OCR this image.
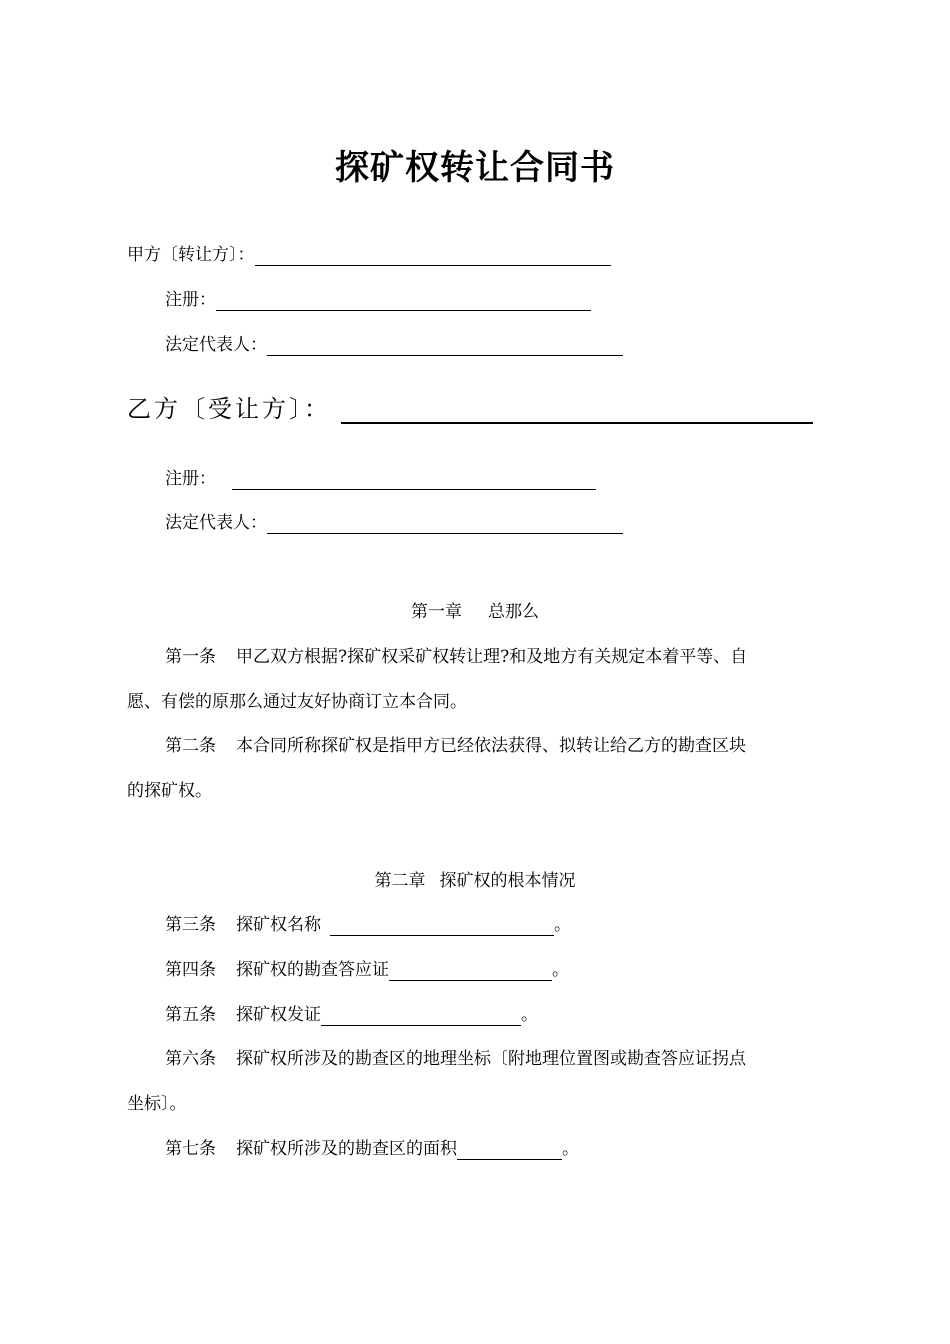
探矿权转让合同书
甲方〔转让方〕：
注册：
法定代表人：
乙方〔受让方〕：
注册：
法定代表人：
第一章 总那么
第一条 甲乙双方根据?探矿权采矿权转让理?和及地方有关规定本着平等、自
愿、有偿的原那么通过友好协商订立本合同。
第二条 本合同所称探矿权是指甲方已经依法获得、拟转让给乙方的勘查区块
的探矿权。
第二章 探矿权的根本情况
第三条 探矿权名称	。
第四条 探矿权的勘查答应证	。
第五条 探矿权发证	。
第六条 探矿权所涉及的勘查区的地理坐标〔附地理位置图或勘查答应证拐点
坐标〕。
第七条 探矿权所涉及的勘查区的面积	。
